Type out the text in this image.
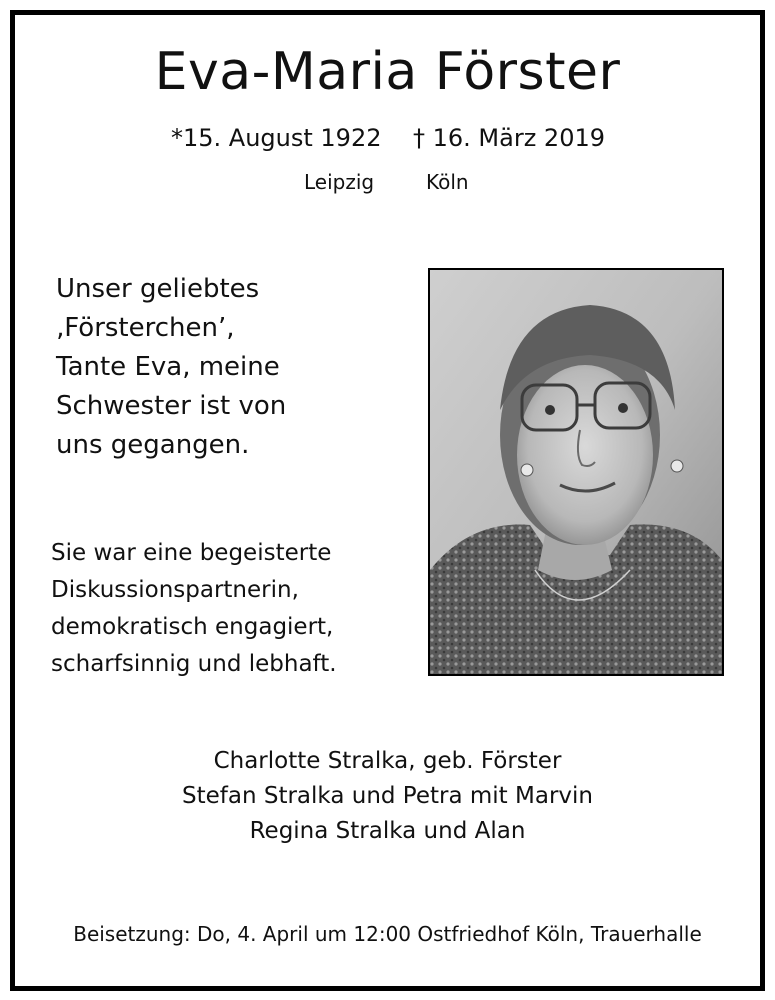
Eva-Maria Förster
*15. August 1922 † 16. März 2019
Leipzig	Köln
Unser geliebtes
‚Försterchen’,
Tante Eva, meine
Schwester ist von
uns gegangen.
Sie war eine begeisterte
Diskussionspartnerin,
demokratisch engagiert,
scharfsinnig und lebhaft.
Charlotte Stralka, geb. Förster
Stefan Stralka und Petra mit Marvin
Regina Stralka und Alan
Beisetzung: Do, 4. April um 12:00 Ostfriedhof Köln, Trauerhalle
